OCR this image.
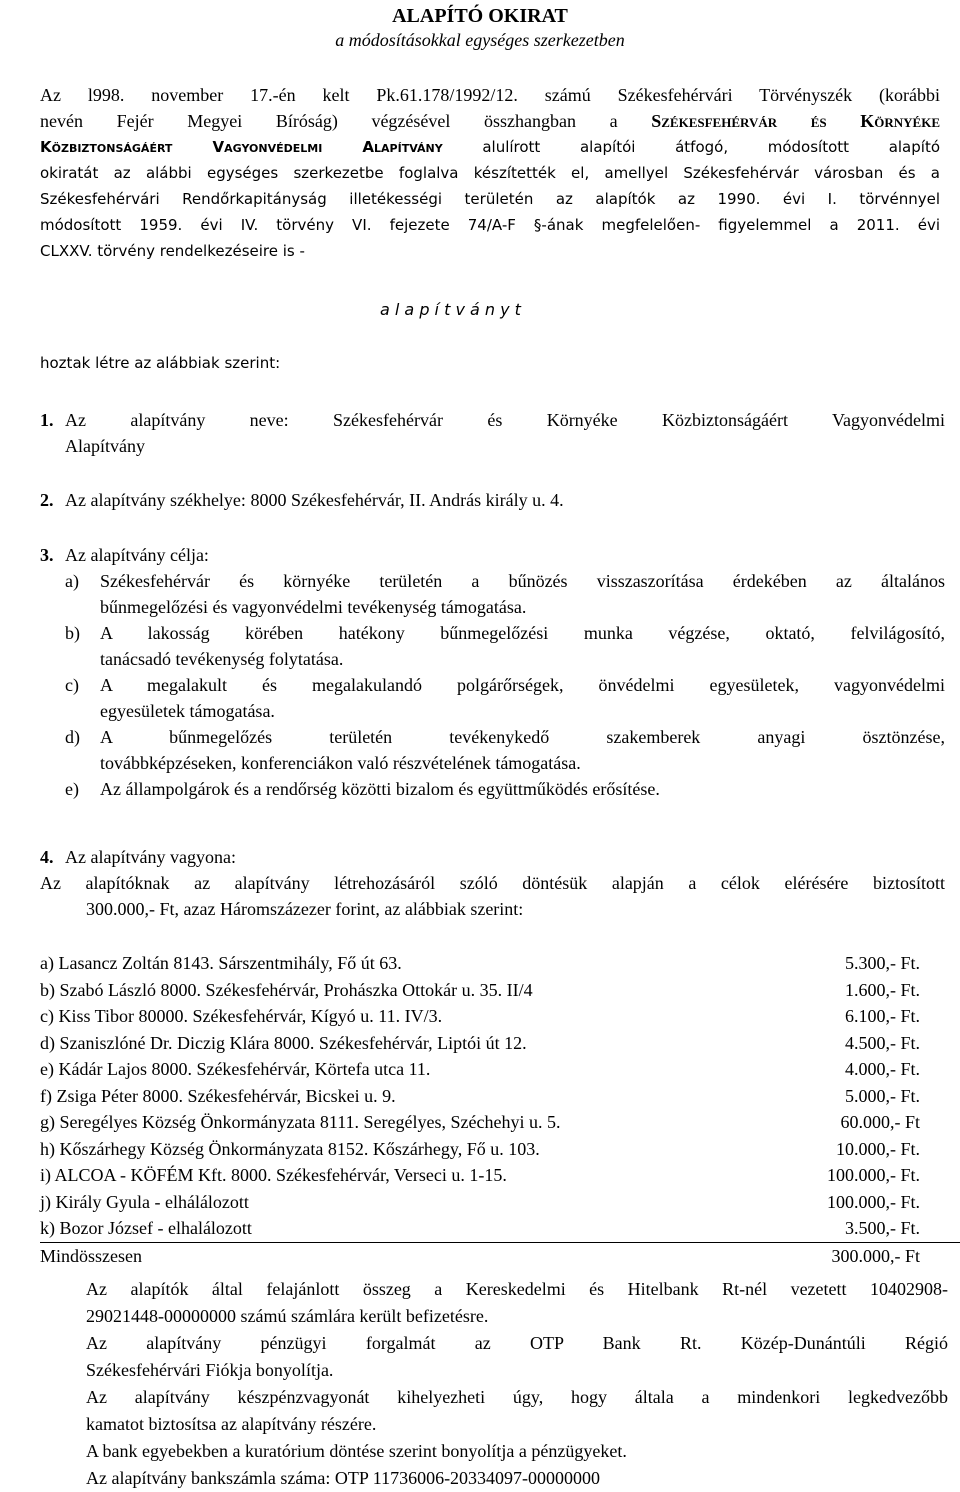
ALAPÍTÓ OKIRAT
a módosításokkal egységes szerkezetben
Az l998. november 17.-én kelt Pk.61.178/1992/12. számú Székesfehérvári Törvényszék (korábbi
nevén Fejér Megyei Bíróság) végzésével összhangban a Székesfehérvár és Környéke
Közbiztonságáért Vagyonvédelmi Alapítvány alulírott alapítói átfogó, módosított alapító
okiratát az alábbi egységes szerkezetbe foglalva készítették el, amellyel Székesfehérvár városban és a
Székesfehérvári Rendőrkapitányság illetékességi területén az alapítók az 1990. évi I. törvénnyel
módosított 1959. évi IV. törvény VI. fejezete 74/A-F §-ának megfelelően- figyelemmel a 2011. évi
CLXXV. törvény rendelkezéseire is -
a l a p í t v á n y t
hoztak létre az alábbiak szerint:
1. Az alapítvány neve: Székesfehérvár és Környéke Közbiztonságáért Vagyonvédelmi
Alapítvány
2. Az alapítvány székhelye: 8000 Székesfehérvár, II. András király u. 4.
3. Az alapítvány célja:
a) Székesfehérvár és környéke területén a bűnözés visszaszorítása érdekében az általános
bűnmegelőzési és vagyonvédelmi tevékenység támogatása.
b) A lakosság körében hatékony bűnmegelőzési munka végzése, oktató, felvilágosító,
tanácsadó tevékenység folytatása.
c) A megalakult és megalakulandó polgárőrségek, önvédelmi egyesületek, vagyonvédelmi
egyesületek támogatása.
d) A bűnmegelőzés területén tevékenykedő szakemberek anyagi ösztönzése,
továbbképzéseken, konferenciákon való részvételének támogatása.
e) Az állampolgárok és a rendőrség közötti bizalom és együttműködés erősítése.
4. Az alapítvány vagyona:
Az alapítóknak az alapítvány létrehozásáról szóló döntésük alapján a célok elérésére biztosított
300.000,- Ft, azaz Háromszázezer forint, az alábbiak szerint:
a) Lasancz Zoltán 8143. Sárszentmihály, Fő út 63.	5.300,- Ft.
b) Szabó László 8000. Székesfehérvár, Prohászka Ottokár u. 35. II/4	1.600,- Ft.
c) Kiss Tibor 80000. Székesfehérvár, Kígyó u. 11. IV/3.	6.100,- Ft.
d) Szaniszlóné Dr. Diczig Klára 8000. Székesfehérvár, Liptói út 12.	4.500,- Ft.
e) Kádár Lajos 8000. Székesfehérvár, Körtefa utca 11.	4.000,- Ft.
f) Zsiga Péter 8000. Székesfehérvár, Bicskei u. 9.	5.000,- Ft.
g) Seregélyes Község Önkormányzata 8111. Seregélyes, Széchehyi u. 5.	60.000,- Ft
h) Kőszárhegy Község Önkormányzata 8152. Kőszárhegy, Fő u. 103.	10.000,- Ft.
i) ALCOA - KÖFÉM Kft. 8000. Székesfehérvár, Verseci u. 1-15.	100.000,- Ft.
j) Király Gyula - elhálálozott	100.000,- Ft.
k) Bozor József - elhalálozott	3.500,- Ft.
Mindösszesen	300.000,- Ft

Az alapítók által felajánlott összeg a Kereskedelmi és Hitelbank Rt-nél vezetett 10402908-
29021448-00000000 számú számlára került befizetésre.

Az alapítvány pénzügyi forgalmát az OTP Bank Rt. Közép-Dunántúli Régió
Székesfehérvári Fiókja bonyolítja.

Az alapítvány készpénzvagyonát kihelyezheti úgy, hogy általa a mindenkori legkedvezőbb
kamatot biztosítsa az alapítvány részére.

A bank egyebekben a kuratórium döntése szerint bonyolítja a pénzügyeket.

Az alapítvány bankszámla száma: OTP 11736006-20334097-00000000
